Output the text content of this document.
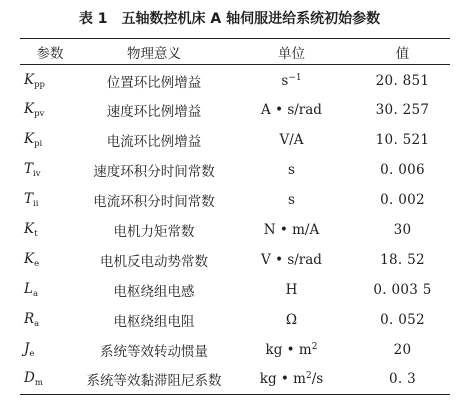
表 1 五轴数控机床 A 轴伺服进给系统初始参数
参数	物理意义	单位	值
$K_{pp}$	位置环比例增益	$s^{-1}$	20. 851
$K_{pv}$	速度环比例增益	A • s/rad	30. 257
$K_{pi}$	电流环比例增益	V/A	10. 521
$T_{iv}$	速度环积分时间常数	s	0. 006
$T_{ii}$	电流环积分时间常数	s	0. 002
$K_t$	电机力矩常数	N • m/A	30
$K_e$	电机反电动势常数	V • s/rad	18. 52
$L_a$	电枢绕组电感	H	0. 003 5
$R_a$	电枢绕组电阻	Ω	0. 052
$J_e$	系统等效转动惯量	kg • $m^2$	20
$D_m$	系统等效黏滞阻尼系数	kg • $m^2/s$	0. 3
